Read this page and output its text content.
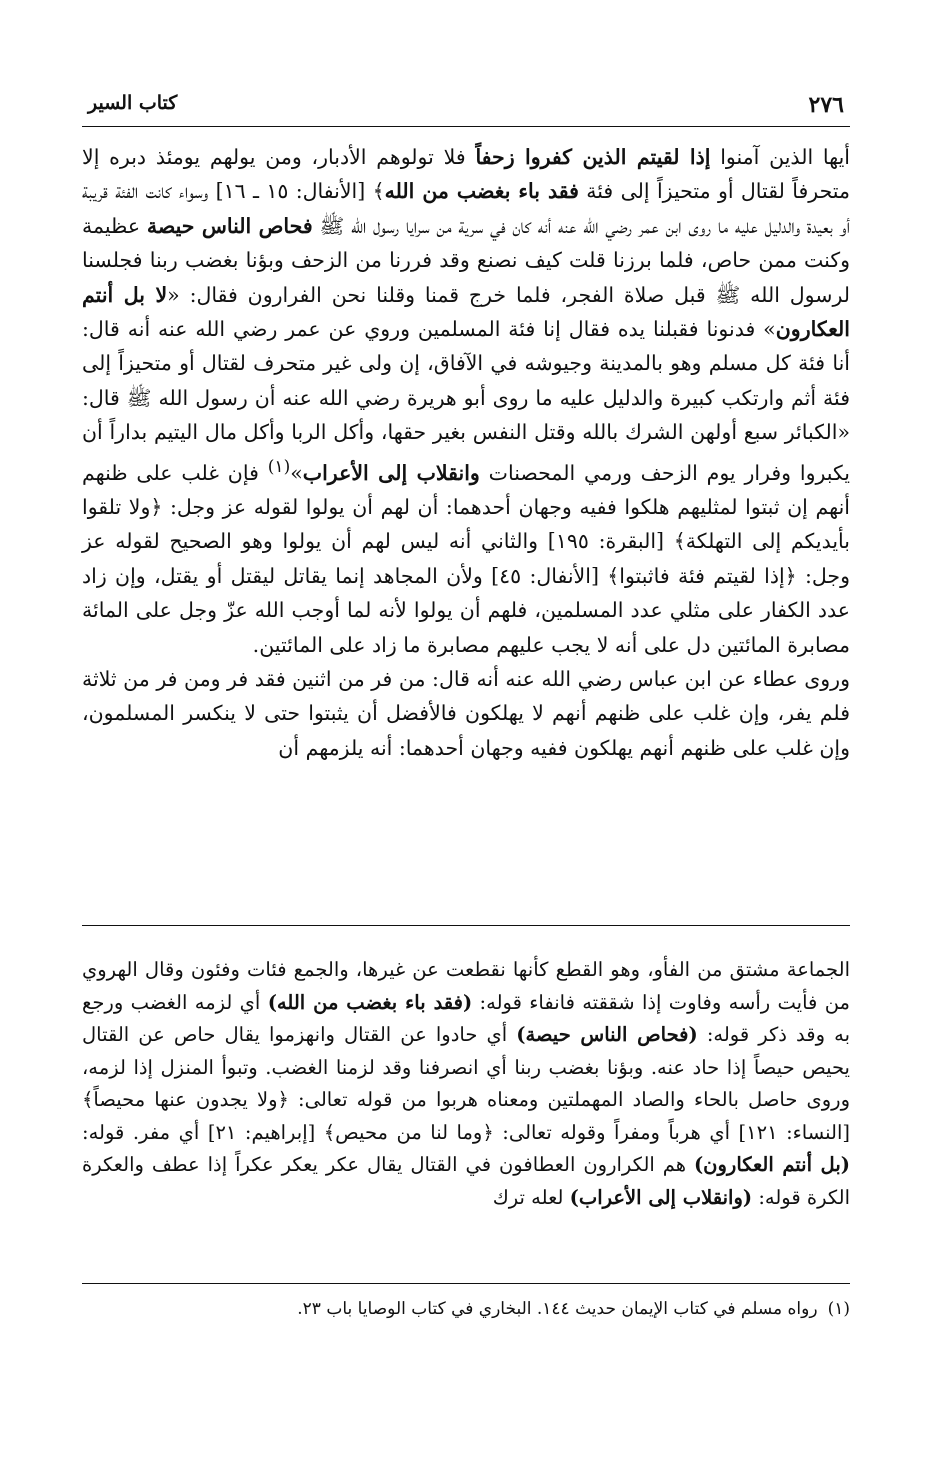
كتاب السير	٢٧٦

أيها الذين آمنوا إذا لقيتم الذين كفروا زحفاً فلا تولوهم الأدبار، ومن يولهم يومئذ دبره إلا متحرفاً لقتال أو متحيزاً إلى فئة فقد باء بغضب من الله﴾ [الأنفال: ١٥ ـ ١٦] وسواء كانت الفئة قريبة أو بعيدة والدليل عليه ما روى ابن عمر رضي الله عنه أنه كان في سرية من سرايا رسول الله ﷺ فحاص الناس حيصة عظيمة وكنت ممن حاص، فلما برزنا قلت كيف نصنع وقد فررنا من الزحف وبؤنا بغضب ربنا فجلسنا لرسول الله ﷺ قبل صلاة الفجر، فلما خرج قمنا وقلنا نحن الفرارون فقال: «لا بل أنتم العكارون» فدنونا فقبلنا يده فقال إنا فئة المسلمين وروي عن عمر رضي الله عنه أنه قال: أنا فئة كل مسلم وهو بالمدينة وجيوشه في الآفاق، إن ولى غير متحرف لقتال أو متحيزاً إلى فئة أثم وارتكب كبيرة والدليل عليه ما روى أبو هريرة رضي الله عنه أن رسول الله ﷺ قال: «الكبائر سبع أولهن الشرك بالله وقتل النفس بغير حقها، وأكل الربا وأكل مال اليتيم بداراً أن يكبروا وفرار يوم الزحف ورمي المحصنات وانقلاب إلى الأعراب»$^{(١)}$ فإن غلب على ظنهم أنهم إن ثبتوا لمثليهم هلكوا ففيه وجهان أحدهما: أن لهم أن يولوا لقوله عز وجل: ﴿ولا تلقوا بأيديكم إلى التهلكة﴾ [البقرة: ١٩٥] والثاني أنه ليس لهم أن يولوا وهو الصحيح لقوله عز وجل: ﴿إذا لقيتم فئة فاثبتوا﴾ [الأنفال: ٤٥] ولأن المجاهد إنما يقاتل ليقتل أو يقتل، وإن زاد عدد الكفار على مثلي عدد المسلمين، فلهم أن يولوا لأنه لما أوجب الله عزّ وجل على المائة مصابرة المائتين دل على أنه لا يجب عليهم مصابرة ما زاد على المائتين.

وروى عطاء عن ابن عباس رضي الله عنه أنه قال: من فر من اثنين فقد فر ومن فر من ثلاثة فلم يفر، وإن غلب على ظنهم أنهم لا يهلكون فالأفضل أن يثبتوا حتى لا ينكسر المسلمون، وإن غلب على ظنهم أنهم يهلكون ففيه وجهان أحدهما: أنه يلزمهم أن

الجماعة مشتق من الفأو، وهو القطع كأنها نقطعت عن غيرها، والجمع فئات وفئون وقال الهروي من فأيت رأسه وفاوت إذا شققته فانفاء قوله: (فقد باء بغضب من الله) أي لزمه الغضب ورجع به وقد ذكر قوله: (فحاص الناس حيصة) أي حادوا عن القتال وانهزموا يقال حاص عن القتال يحيص حيصاً إذا حاد عنه. وبؤنا بغضب ربنا أي انصرفنا وقد لزمنا الغضب. وتبوأ المنزل إذا لزمه، وروى حاصل بالحاء والصاد المهملتين ومعناه هربوا من قوله تعالى: ﴿ولا يجدون عنها محيصاً﴾ [النساء: ١٢١] أي هرباً ومفراً وقوله تعالى: ﴿وما لنا من محيص﴾ [إبراهيم: ٢١] أي مفر. قوله: (بل أنتم العكارون) هم الكرارون العطافون في القتال يقال عكر يعكر عكراً إذا عطف والعكرة الكرة قوله: (وانقلاب إلى الأعراب) لعله ترك

(١)رواه مسلم في كتاب الإيمان حديث ١٤٤. البخاري في كتاب الوصايا باب ٢٣.
